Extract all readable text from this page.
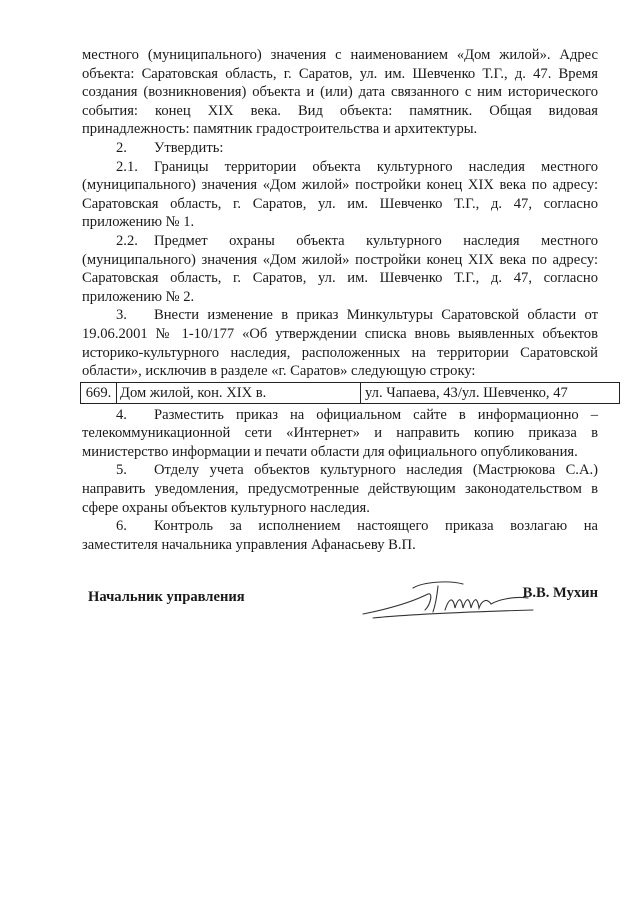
местного (муниципального) значения с наименованием «Дом жилой». Адрес объекта: Саратовская область, г. Саратов, ул. им. Шевченко Т.Г., д. 47. Время создания (возникновения) объекта и (или) дата связанного с ним исторического события: конец XIX века. Вид объекта: памятник. Общая видовая принадлежность: памятник градостроительства и архитектуры.

2. Утвердить:

2.1. Границы территории объекта культурного наследия местного (муниципального) значения «Дом жилой» постройки конец XIX века по адресу: Саратовская область, г. Саратов, ул. им. Шевченко Т.Г., д. 47, согласно приложению № 1.

2.2. Предмет охраны объекта культурного наследия местного (муниципального) значения «Дом жилой» постройки конец XIX века по адресу: Саратовская область, г. Саратов, ул. им. Шевченко Т.Г., д. 47, согласно приложению № 2.

3. Внести изменение в приказ Минкультуры Саратовской области от 19.06.2001 № 1-10/177 «Об утверждении списка вновь выявленных объектов историко-культурного наследия, расположенных на территории Саратовской области», исключив в разделе «г. Саратов» следующую строку:

669. Дом жилой, кон. XIX в.	ул. Чапаева, 43/ул. Шевченко, 47

4. Разместить приказ на официальном сайте в информационно – телекоммуникационной сети «Интернет» и направить копию приказа в министерство информации и печати области для официального опубликования.

5. Отделу учета объектов культурного наследия (Мастрюкова С.А.) направить уведомления, предусмотренные действующим законодательством в сфере охраны объектов культурного наследия.

6. Контроль за исполнением настоящего приказа возлагаю на заместителя начальника управления Афанасьеву В.П.

Начальник управления	В.В. Мухин
